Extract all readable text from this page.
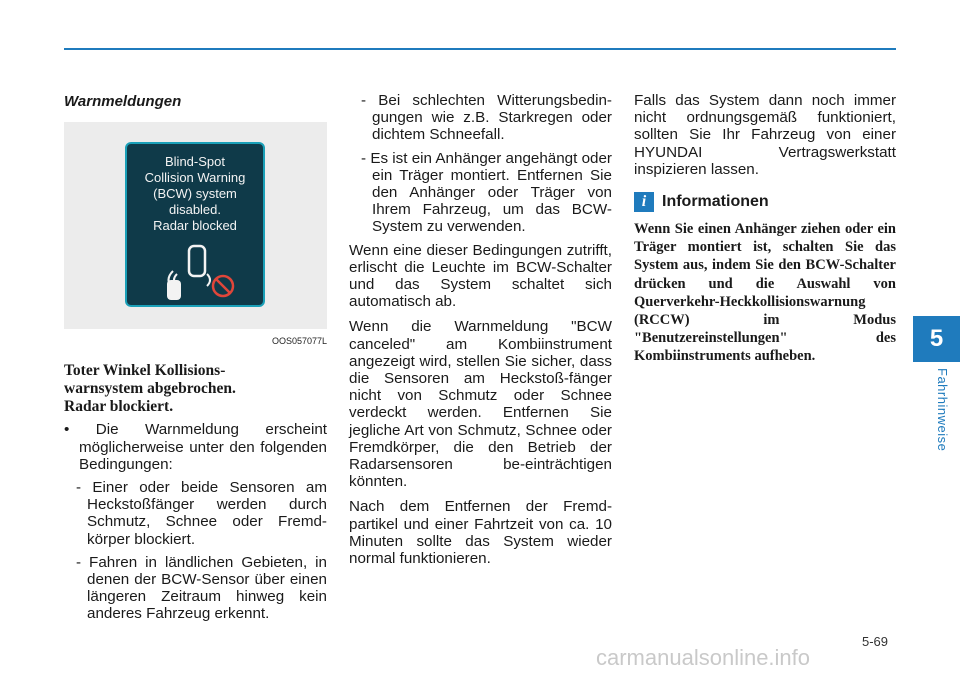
5
Fahrhinweise
Warnmeldungen
Blind-Spot
Collision Warning
(BCW) system
disabled.
Radar blocked
OOS057077L
Toter Winkel Kollisions-
warnsystem abgebrochen.
Radar blockiert.

• Die Warnmeldung erscheint möglicherweise unter den folgenden Bedingungen:

- Einer oder beide Sensoren am Heckstoßfänger werden durch Schmutz, Schnee oder Fremd-körper blockiert.

- Fahren in ländlichen Gebieten, in denen der BCW-Sensor über einen längeren Zeitraum hinweg kein anderes Fahrzeug erkennt.

- Bei schlechten Witterungsbedin-gungen wie z.B. Starkregen oder dichtem Schneefall.

- Es ist ein Anhänger angehängt oder ein Träger montiert. Entfernen Sie den Anhänger oder Träger von Ihrem Fahrzeug, um das BCW-System zu verwenden.

Wenn eine dieser Bedingungen zutrifft, erlischt die Leuchte im BCW-Schalter und das System schaltet sich automatisch ab.

Wenn die Warnmeldung "BCW canceled" am Kombiinstrument angezeigt wird, stellen Sie sicher, dass die Sensoren am Heckstoß-fänger nicht von Schmutz oder Schnee verdeckt werden. Entfernen Sie jegliche Art von Schmutz, Schnee oder Fremdkörper, die den Betrieb der Radarsensoren be-einträchtigen könnten.

Nach dem Entfernen der Fremd-partikel und einer Fahrtzeit von ca. 10 Minuten sollte das System wieder normal funktionieren.

Falls das System dann noch immer nicht ordnungsgemäß funktioniert, sollten Sie Ihr Fahrzeug von einer HYUNDAI Vertragswerkstatt inspizieren lassen.

i Informationen
Wenn Sie einen Anhänger ziehen oder ein Träger montiert ist, schalten Sie das System aus, indem Sie den BCW-Schalter drücken und die Auswahl von Querverkehr-Heckkollisionswarnung (RCCW) im Modus "Benutzereinstellungen" des Kombiinstruments aufheben.
5-69
carmanualsonline.info
